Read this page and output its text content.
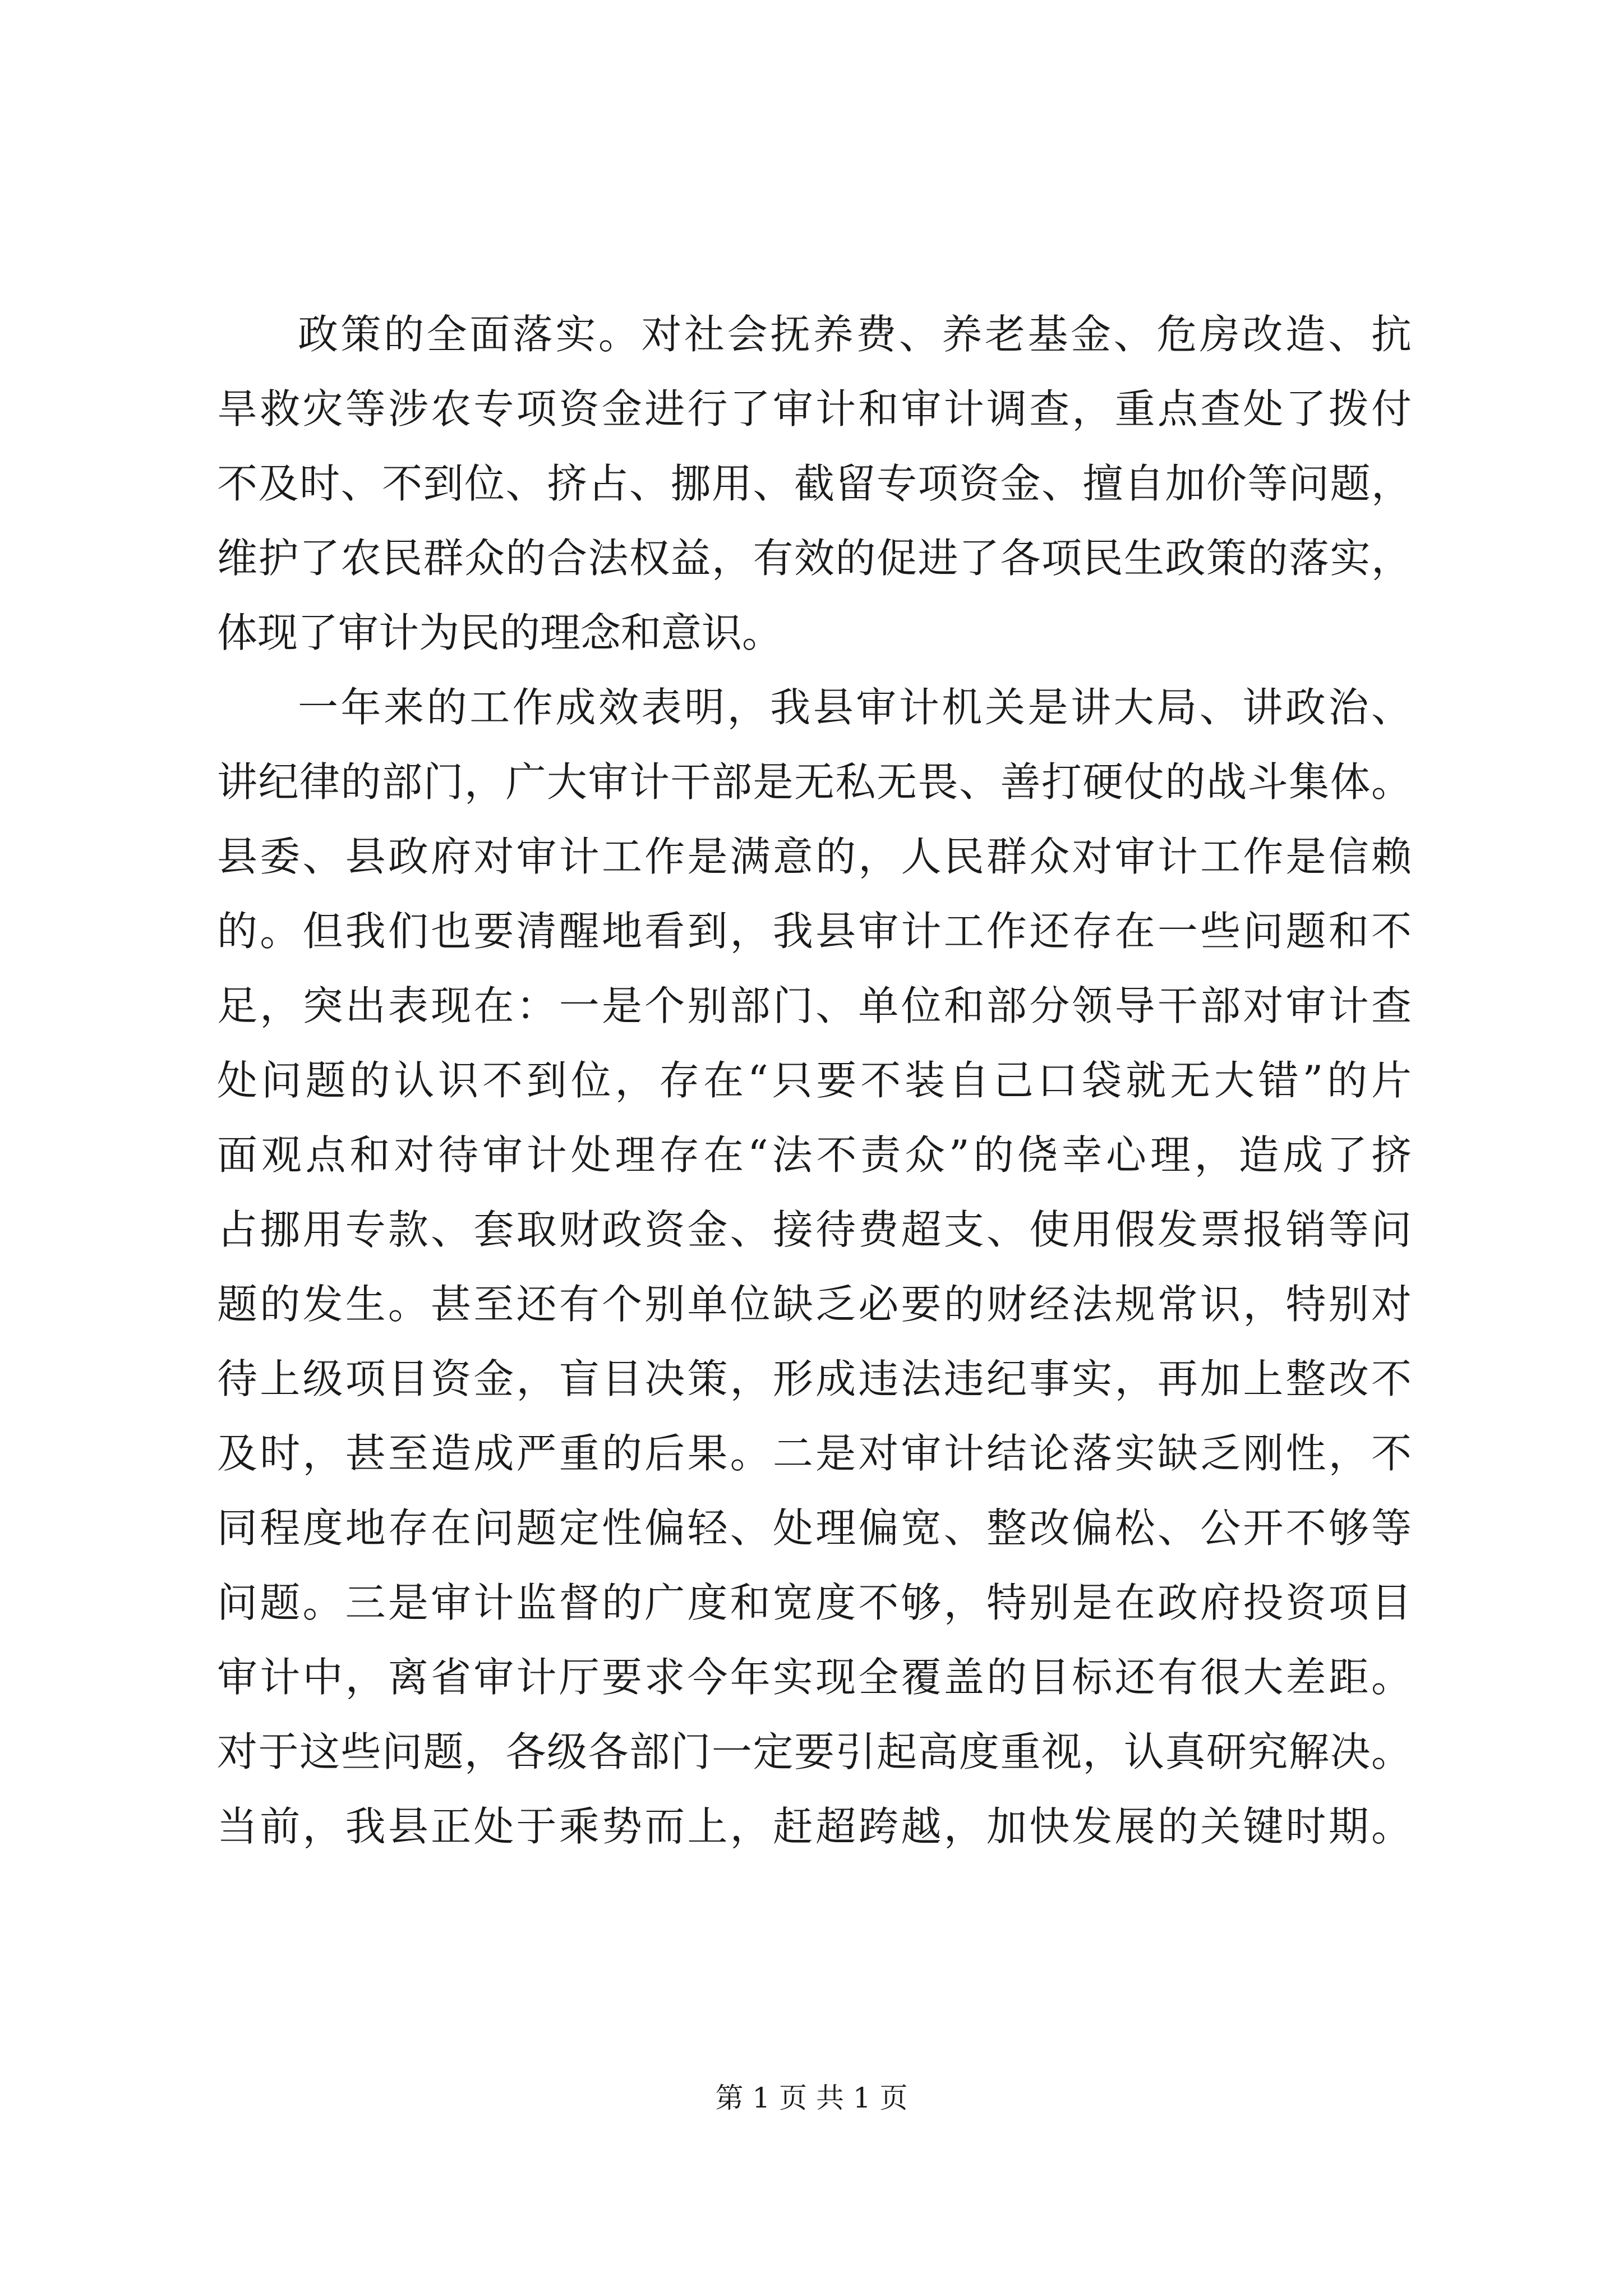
政策的全面落实。对社会抚养费、养老基金、危房改造、抗
旱救灾等涉农专项资金进行了审计和审计调查，重点查处了拨付
不及时、不到位、挤占、挪用、截留专项资金、擅自加价等问题，
维护了农民群众的合法权益，有效的促进了各项民生政策的落实，
体现了审计为民的理念和意识。
一年来的工作成效表明，我县审计机关是讲大局、讲政治、
讲纪律的部门，广大审计干部是无私无畏、善打硬仗的战斗集体。
县委、县政府对审计工作是满意的，人民群众对审计工作是信赖
的。但我们也要清醒地看到，我县审计工作还存在一些问题和不
足，突出表现在：一是个别部门、单位和部分领导干部对审计查
处问题的认识不到位，存在“只要不装自己口袋就无大错”的片
面观点和对待审计处理存在“法不责众”的侥幸心理，造成了挤
占挪用专款、套取财政资金、接待费超支、使用假发票报销等问
题的发生。甚至还有个别单位缺乏必要的财经法规常识，特别对
待上级项目资金，盲目决策，形成违法违纪事实，再加上整改不
及时，甚至造成严重的后果。二是对审计结论落实缺乏刚性，不
同程度地存在问题定性偏轻、处理偏宽、整改偏松、公开不够等
问题。三是审计监督的广度和宽度不够，特别是在政府投资项目
审计中，离省审计厅要求今年实现全覆盖的目标还有很大差距。
对于这些问题，各级各部门一定要引起高度重视，认真研究解决。
当前，我县正处于乘势而上，赶超跨越，加快发展的关键时期。
第 1 页 共 1 页
